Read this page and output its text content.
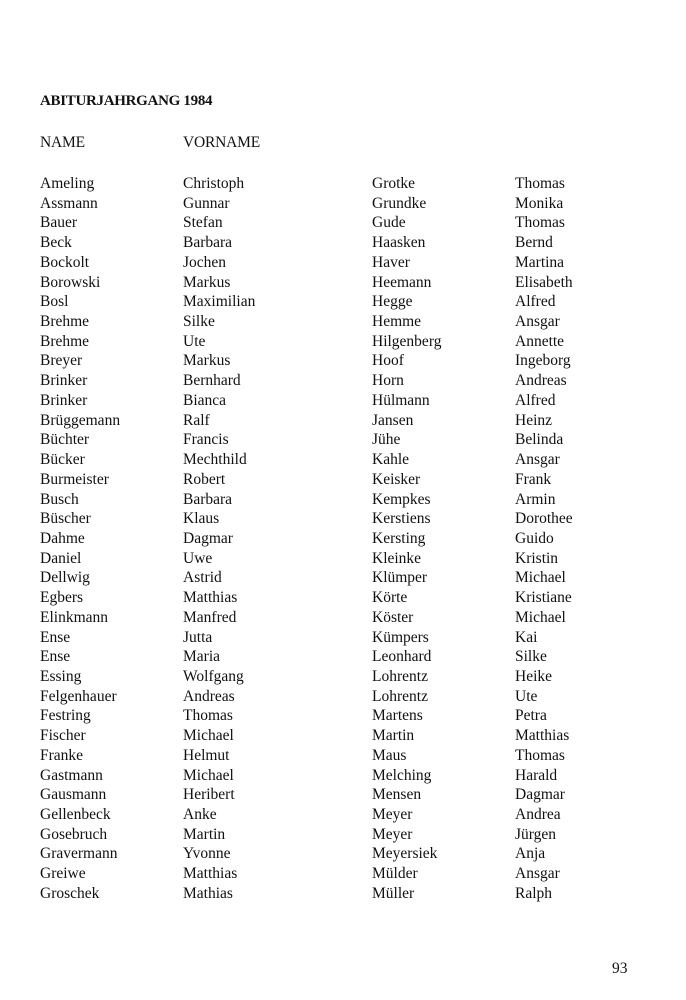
ABITURJAHRGANG 1984
NAME	VORNAME
Ameling
Assmann
Bauer
Beck
Bockolt
Borowski
Bosl
Brehme
Brehme
Breyer
Brinker
Brinker
Brüggemann
Büchter
Bücker
Burmeister
Busch
Büscher
Dahme
Daniel
Dellwig
Egbers
Elinkmann
Ense
Ense
Essing
Felgenhauer
Festring
Fischer
Franke
Gastmann
Gausmann
Gellenbeck
Gosebruch
Gravermann
Greiwe
Groschek
Christoph
Gunnar
Stefan
Barbara
Jochen
Markus
Maximilian
Silke
Ute
Markus
Bernhard
Bianca
Ralf
Francis
Mechthild
Robert
Barbara
Klaus
Dagmar
Uwe
Astrid
Matthias
Manfred
Jutta
Maria
Wolfgang
Andreas
Thomas
Michael
Helmut
Michael
Heribert
Anke
Martin
Yvonne
Matthias
Mathias
Grotke
Grundke
Gude
Haasken
Haver
Heemann
Hegge
Hemme
Hilgenberg
Hoof
Horn
Hülmann
Jansen
Jühe
Kahle
Keisker
Kempkes
Kerstiens
Kersting
Kleinke
Klümper
Körte
Köster
Kümpers
Leonhard
Lohrentz
Lohrentz
Martens
Martin
Maus
Melching
Mensen
Meyer
Meyer
Meyersiek
Mülder
Müller
Thomas
Monika
Thomas
Bernd
Martina
Elisabeth
Alfred
Ansgar
Annette
Ingeborg
Andreas
Alfred
Heinz
Belinda
Ansgar
Frank
Armin
Dorothee
Guido
Kristin
Michael
Kristiane
Michael
Kai
Silke
Heike
Ute
Petra
Matthias
Thomas
Harald
Dagmar
Andrea
Jürgen
Anja
Ansgar
Ralph
93
